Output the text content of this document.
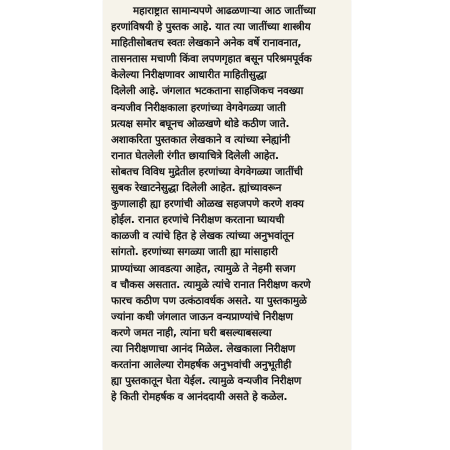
महाराष्ट्रात सामान्यपणे आढळणाऱ्या आठ जातींच्या
हरणांविषयी हे पुस्तक आहे. यात त्या जातींच्या शास्त्रीय
माहितीसोबतच स्वतः लेखकाने अनेक वर्षे रानावनात,
तासनतास मचाणी किंवा लपणगृहात बसून परिश्रमपूर्वक
केलेल्या निरीक्षणावर आधारीत माहितीसुद्धा
दिलेली आहे. जंगलात भटकताना साहजिकच नवख्या
वन्यजीव निरीक्षकाला हरणांच्या वेगवेगळ्या जाती
प्रत्यक्ष समोर बघूनच ओळखणे थोडे कठीण जाते.
अशाकरिता पुस्तकात लेखकाने व त्यांच्या स्नेह्यांनी
रानात घेतलेली रंगीत छायाचित्रे दिलेली आहेत.
सोबतच विविध मुद्रेतील हरणांच्या वेगवेगळ्या जातींची
सुबक रेखाटनेसुद्धा दिलेली आहेत. ह्यांच्यावरून
कुणालाही ह्या हरणांची ओळख सहजपणे करणे शक्य
होईल. रानात हरणांचे निरीक्षण करताना घ्यायची
काळजी व त्यांचे हित हे लेखक त्यांच्या अनुभवांतून
सांगतो. हरणांच्या सगळ्या जाती ह्या मांसाहारी
प्राण्यांच्या आवडत्या आहेत, त्यामुळे ते नेहमी सजग
व चौकस असतात. त्यामुळे त्यांचे रानात निरीक्षण करणे
फारच कठीण पण उत्कंठावर्धक असते. या पुस्तकामुळे
ज्यांना कधी जंगलात जाऊन वन्यप्राण्यांचे निरीक्षण
करणे जमत नाही, त्यांना घरी बसल्याबसल्या
त्या निरीक्षणाचा आनंद मिळेल. लेखकाला निरीक्षण
करतांना आलेल्या रोमहर्षक अनुभवांची अनुभूतीही
ह्या पुस्तकातून घेता येईल. त्यामुळे वन्यजीव निरीक्षण
हे किती रोमहर्षक व आनंददायी असते हे कळेल.
